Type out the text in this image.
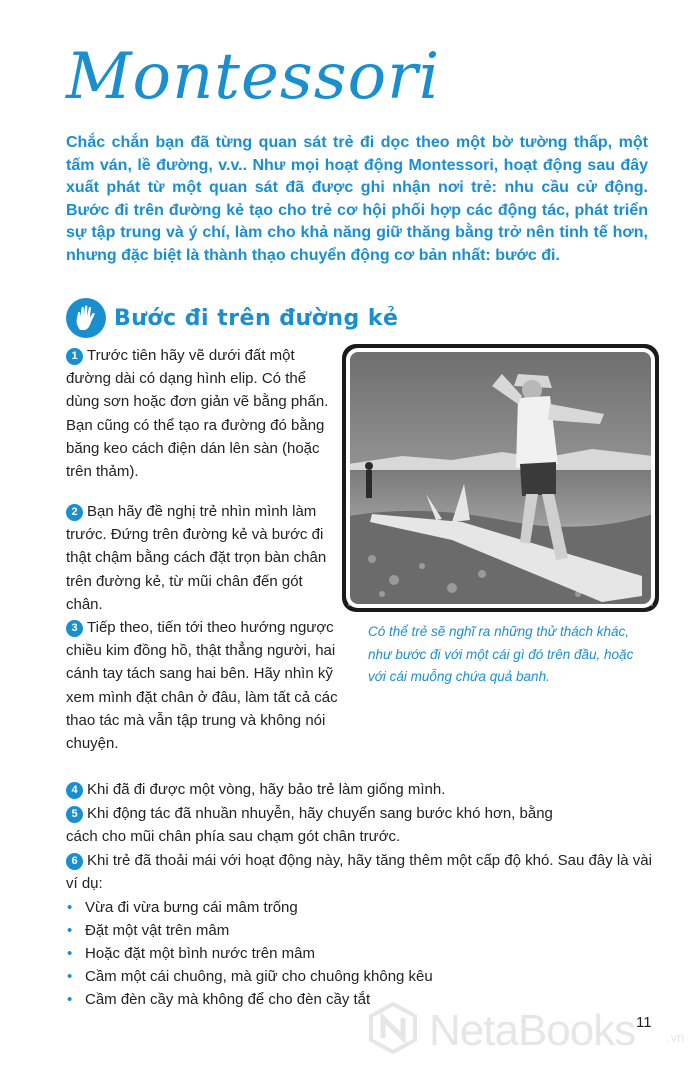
Montessori
Chắc chắn bạn đã từng quan sát trẻ đi dọc theo một bờ tường thấp, một tấm ván, lề đường, v.v.. Như mọi hoạt động Montessori, hoạt động sau đây xuất phát từ một quan sát đã được ghi nhận nơi trẻ: nhu cầu cử động. Bước đi trên đường kẻ tạo cho trẻ cơ hội phối hợp các động tác, phát triển sự tập trung và ý chí, làm cho khả năng giữ thăng bằng trở nên tinh tế hơn, nhưng đặc biệt là thành thạo chuyển động cơ bản nhất: bước đi.
Bước đi trên đường kẻ
Có thể trẻ sẽ nghĩ ra những thử thách khác, như bước đi với một cái gì đó trên đầu, hoặc với cái muỗng chứa quả banh.
1 Trước tiên hãy vẽ dưới đất một đường dài có dạng hình elip. Có thể dùng sơn hoặc đơn giản vẽ bằng phấn. Bạn cũng có thể tạo ra đường đó bằng băng keo cách điện dán lên sàn (hoặc trên thảm).
2 Bạn hãy đề nghị trẻ nhìn mình làm trước. Đứng trên đường kẻ và bước đi thật chậm bằng cách đặt trọn bàn chân trên đường kẻ, từ mũi chân đến gót chân.
3 Tiếp theo, tiến tới theo hướng ngược chiều kim đồng hồ, thật thẳng người, hai cánh tay tách sang hai bên. Hãy nhìn kỹ xem mình đặt chân ở đâu, làm tất cả các thao tác mà vẫn tập trung và không nói chuyện.
4 Khi đã đi được một vòng, hãy bảo trẻ làm giống mình.
5 Khi động tác đã nhuần nhuyễn, hãy chuyển sang bước khó hơn, bằng cách cho mũi chân phía sau chạm gót chân trước.
6 Khi trẻ đã thoải mái với hoạt động này, hãy tăng thêm một cấp độ khó. Sau đây là vài ví dụ:
• Vừa đi vừa bưng cái mâm trống
• Đặt một vật trên mâm
• Hoặc đặt một bình nước trên mâm
• Cầm một cái chuông, mà giữ cho chuông không kêu
• Cầm đèn cầy mà không để cho đèn cầy tắt
NetaBooks .vn
11
